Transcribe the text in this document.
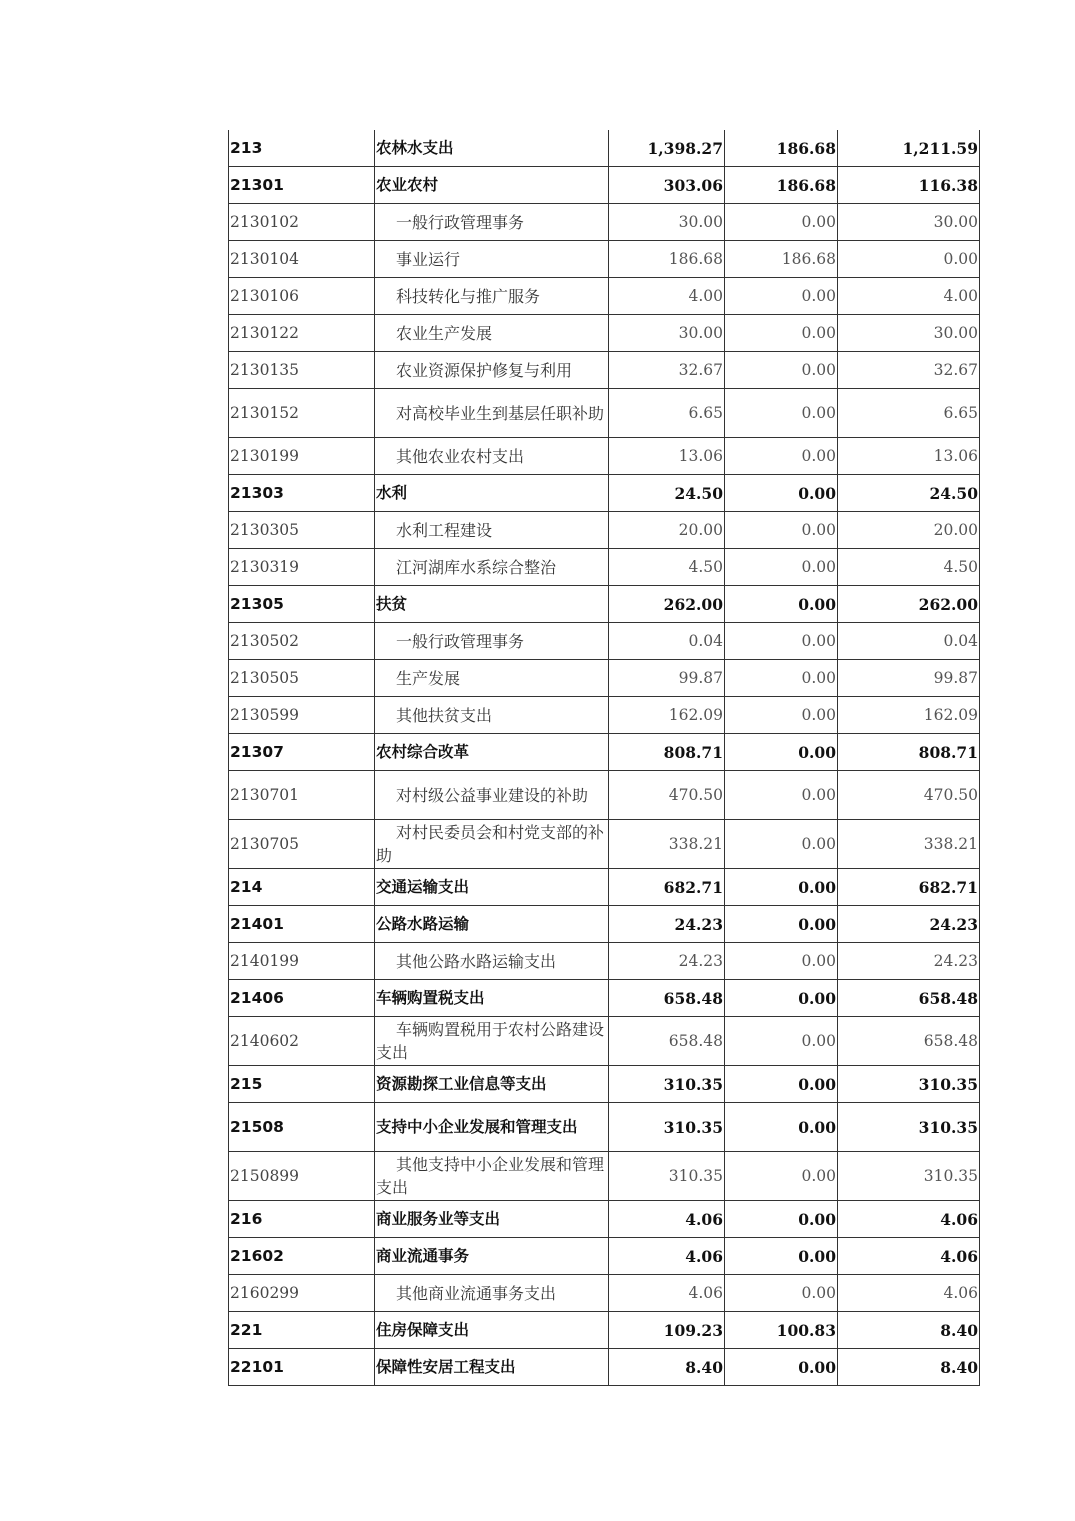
213	农林水支出	1,398.27	186.68	1,211.59
21301	农业农村	303.06	186.68	116.38
2130102	一般行政管理事务	30.00	0.00	30.00
2130104	事业运行	186.68	186.68	0.00
2130106	科技转化与推广服务	4.00	0.00	4.00
2130122	农业生产发展	30.00	0.00	30.00
2130135	农业资源保护修复与利用	32.67	0.00	32.67
2130152	对高校毕业生到基层任职补助	6.65	0.00	6.65
2130199	其他农业农村支出	13.06	0.00	13.06
21303	水利	24.50	0.00	24.50
2130305	水利工程建设	20.00	0.00	20.00
2130319	江河湖库水系综合整治	4.50	0.00	4.50
21305	扶贫	262.00	0.00	262.00
2130502	一般行政管理事务	0.04	0.00	0.04
2130505	生产发展	99.87	0.00	99.87
2130599	其他扶贫支出	162.09	0.00	162.09
21307	农村综合改革	808.71	0.00	808.71
2130701	对村级公益事业建设的补助	470.50	0.00	470.50
2130705	对村民委员会和村党支部的补助	338.21	0.00	338.21
214	交通运输支出	682.71	0.00	682.71
21401	公路水路运输	24.23	0.00	24.23
2140199	其他公路水路运输支出	24.23	0.00	24.23
21406	车辆购置税支出	658.48	0.00	658.48
2140602	车辆购置税用于农村公路建设支出	658.48	0.00	658.48
215	资源勘探工业信息等支出	310.35	0.00	310.35
21508	支持中小企业发展和管理支出	310.35	0.00	310.35
2150899	其他支持中小企业发展和管理支出	310.35	0.00	310.35
216	商业服务业等支出	4.06	0.00	4.06
21602	商业流通事务	4.06	0.00	4.06
2160299	其他商业流通事务支出	4.06	0.00	4.06
221	住房保障支出	109.23	100.83	8.40
22101	保障性安居工程支出	8.40	0.00	8.40
